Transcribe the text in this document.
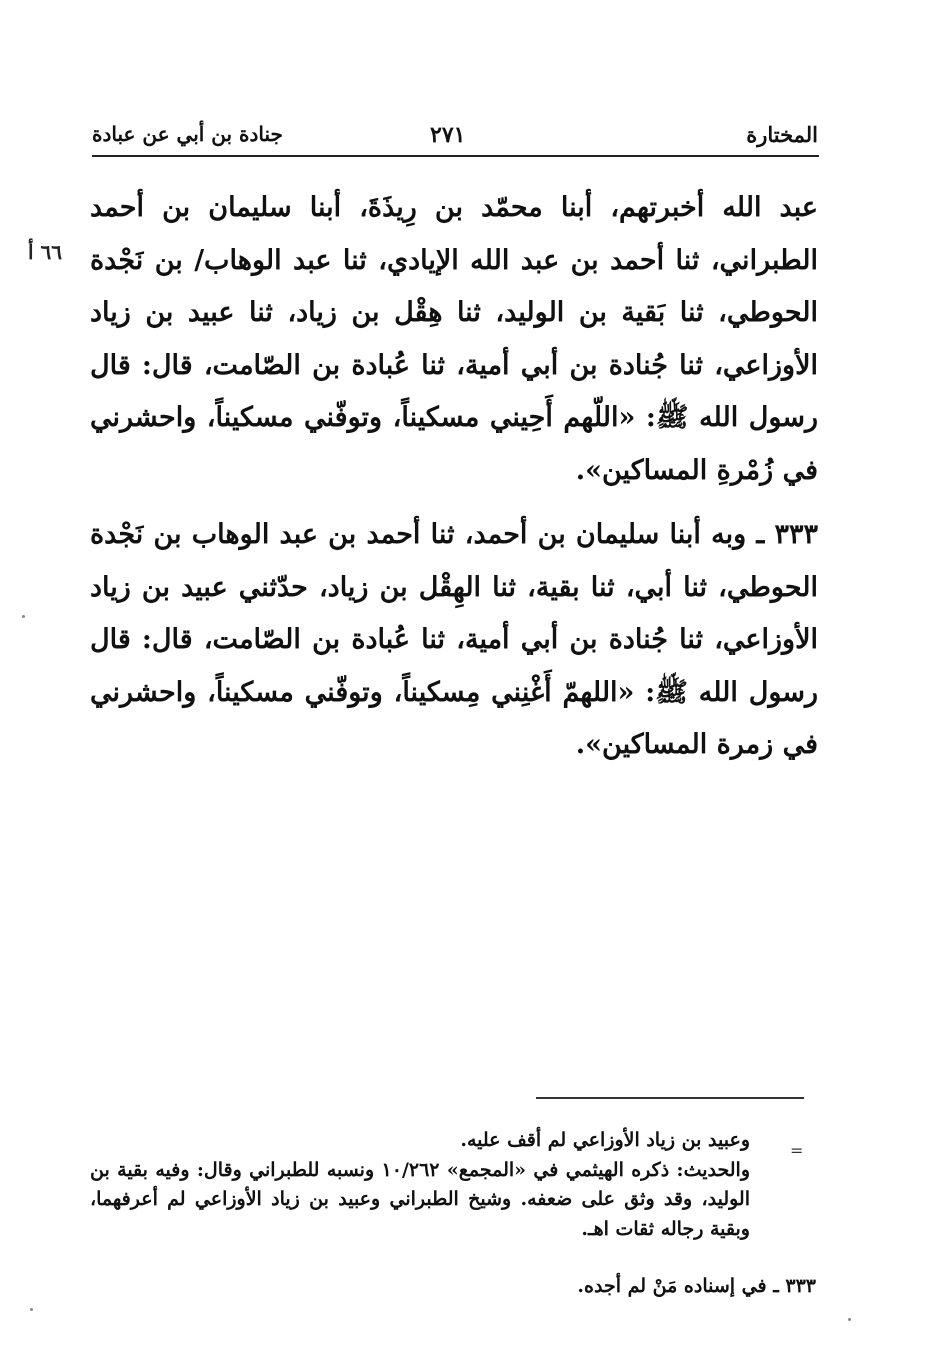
المختارة
٢٧١
جنادة بن أبي عن عبادة
٦٦ أ

عبد الله أخبرتهم، أبنا محمّد بن رِيذَةَ، أبنا سليمان بن أحمد الطبراني، ثنا أحمد بن عبد الله الإيادي، ثنا عبد الوهاب/ بن نَجْدة الحوطي، ثنا بَقية بن الوليد، ثنا هِقْل بن زياد، ثنا عبيد بن زياد الأوزاعي، ثنا جُنادة بن أبي أمية، ثنا عُبادة بن الصّامت، قال: قال رسول الله ﷺ: «اللّهم أَحِيني مسكيناً، وتوفّني مسكيناً، واحشرني في زُمْرةِ المساكين».

٣٣٣ ـ وبه أبنا سليمان بن أحمد، ثنا أحمد بن عبد الوهاب بن نَجْدة الحوطي، ثنا أبي، ثنا بقية، ثنا الهِقْل بن زياد، حدّثني عبيد بن زياد الأوزاعي، ثنا جُنادة بن أبي أمية، ثنا عُبادة بن الصّامت، قال: قال رسول الله ﷺ: «اللهمّ أَغْنِني مِسكيناً، وتوفّني مسكيناً، واحشرني في زمرة المساكين».

=

وعبيد بن زياد الأوزاعي لم أقف عليه.

والحديث: ذكره الهيثمي في «المجمع» ١٠/٢٦٢ ونسبه للطبراني وقال: وفيه بقية بن الوليد، وقد وثق على ضعفه. وشيخ الطبراني وعبيد بن زياد الأوزاعي لم أعرفهما، وبقية رجاله ثقات اهـ.

٣٣٣ ـ في إسناده مَنْ لم أجده.
